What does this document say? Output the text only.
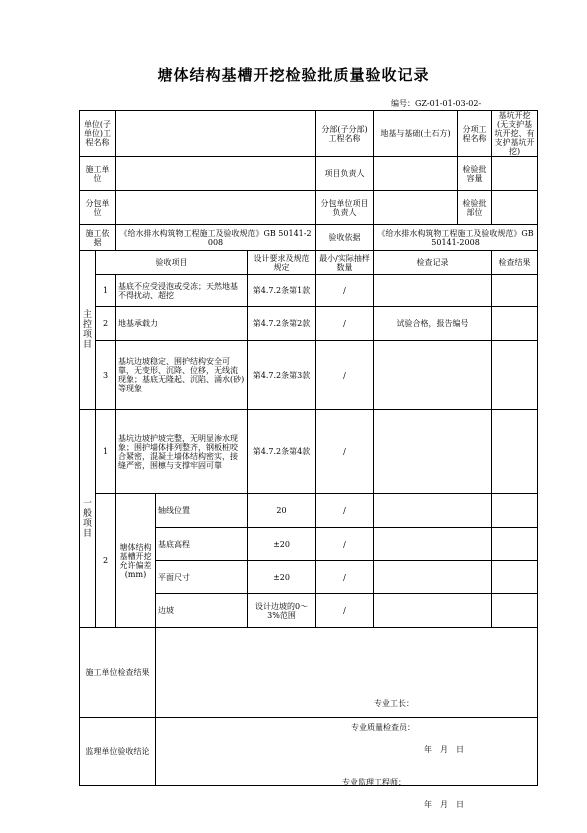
塘体结构基槽开挖检验批质量验收记录
编号：GZ-01-01-03-02-
单位(子单位)工程名称					分部(子分部)工程名称	地基与基础(土石方)	分项工程名称	基坑开挖(无支护基坑开挖、有支护基坑开挖)
施工单位					项目负责人		检验批容量	
分包单位					分包单位项目负责人		检验批部位	
施工依据		《给水排水构筑物工程施工及验收规范》GB 50141-2008			验收依据	《给水排水构筑物工程施工及验收规范》GB 50141-2008		

主控项目	验收项目			设计要求及规范规定	最小/实际抽样数量	检查记录		检查结果
	1	基底不应受浸泡或受冻；天然地基不得扰动、超挖		第4.7.2条第1款	/			
	2	地基承载力		第4.7.2条第2款	/	试验合格，报告编号		
	3	基坑边坡稳定、围护结构安全可靠，无变形、沉降、位移，无线流现象；基底无隆起、沉陷、涌水(砂)等现象		第4.7.2条第3款	/			

一般项目	1	基坑边坡护坡完整，无明显渗水现象；围护墙体排列整齐，钢板桩咬合紧密，混凝土墙体结构密实，接缝严密，围檩与支撑牢固可靠		第4.7.2条第4款	/			
	2	塘体结构基槽开挖允许偏差(mm)	轴线位置	20	/			
			基底高程	±20	/			
			平面尺寸	±20	/			
			边坡	设计边坡的0～3%范围	/			
施工单位检查结果			专业工长：
专业质量检查员：
年　月　日					

监理单位验收结论			专业监理工程师：
年　月　日					
